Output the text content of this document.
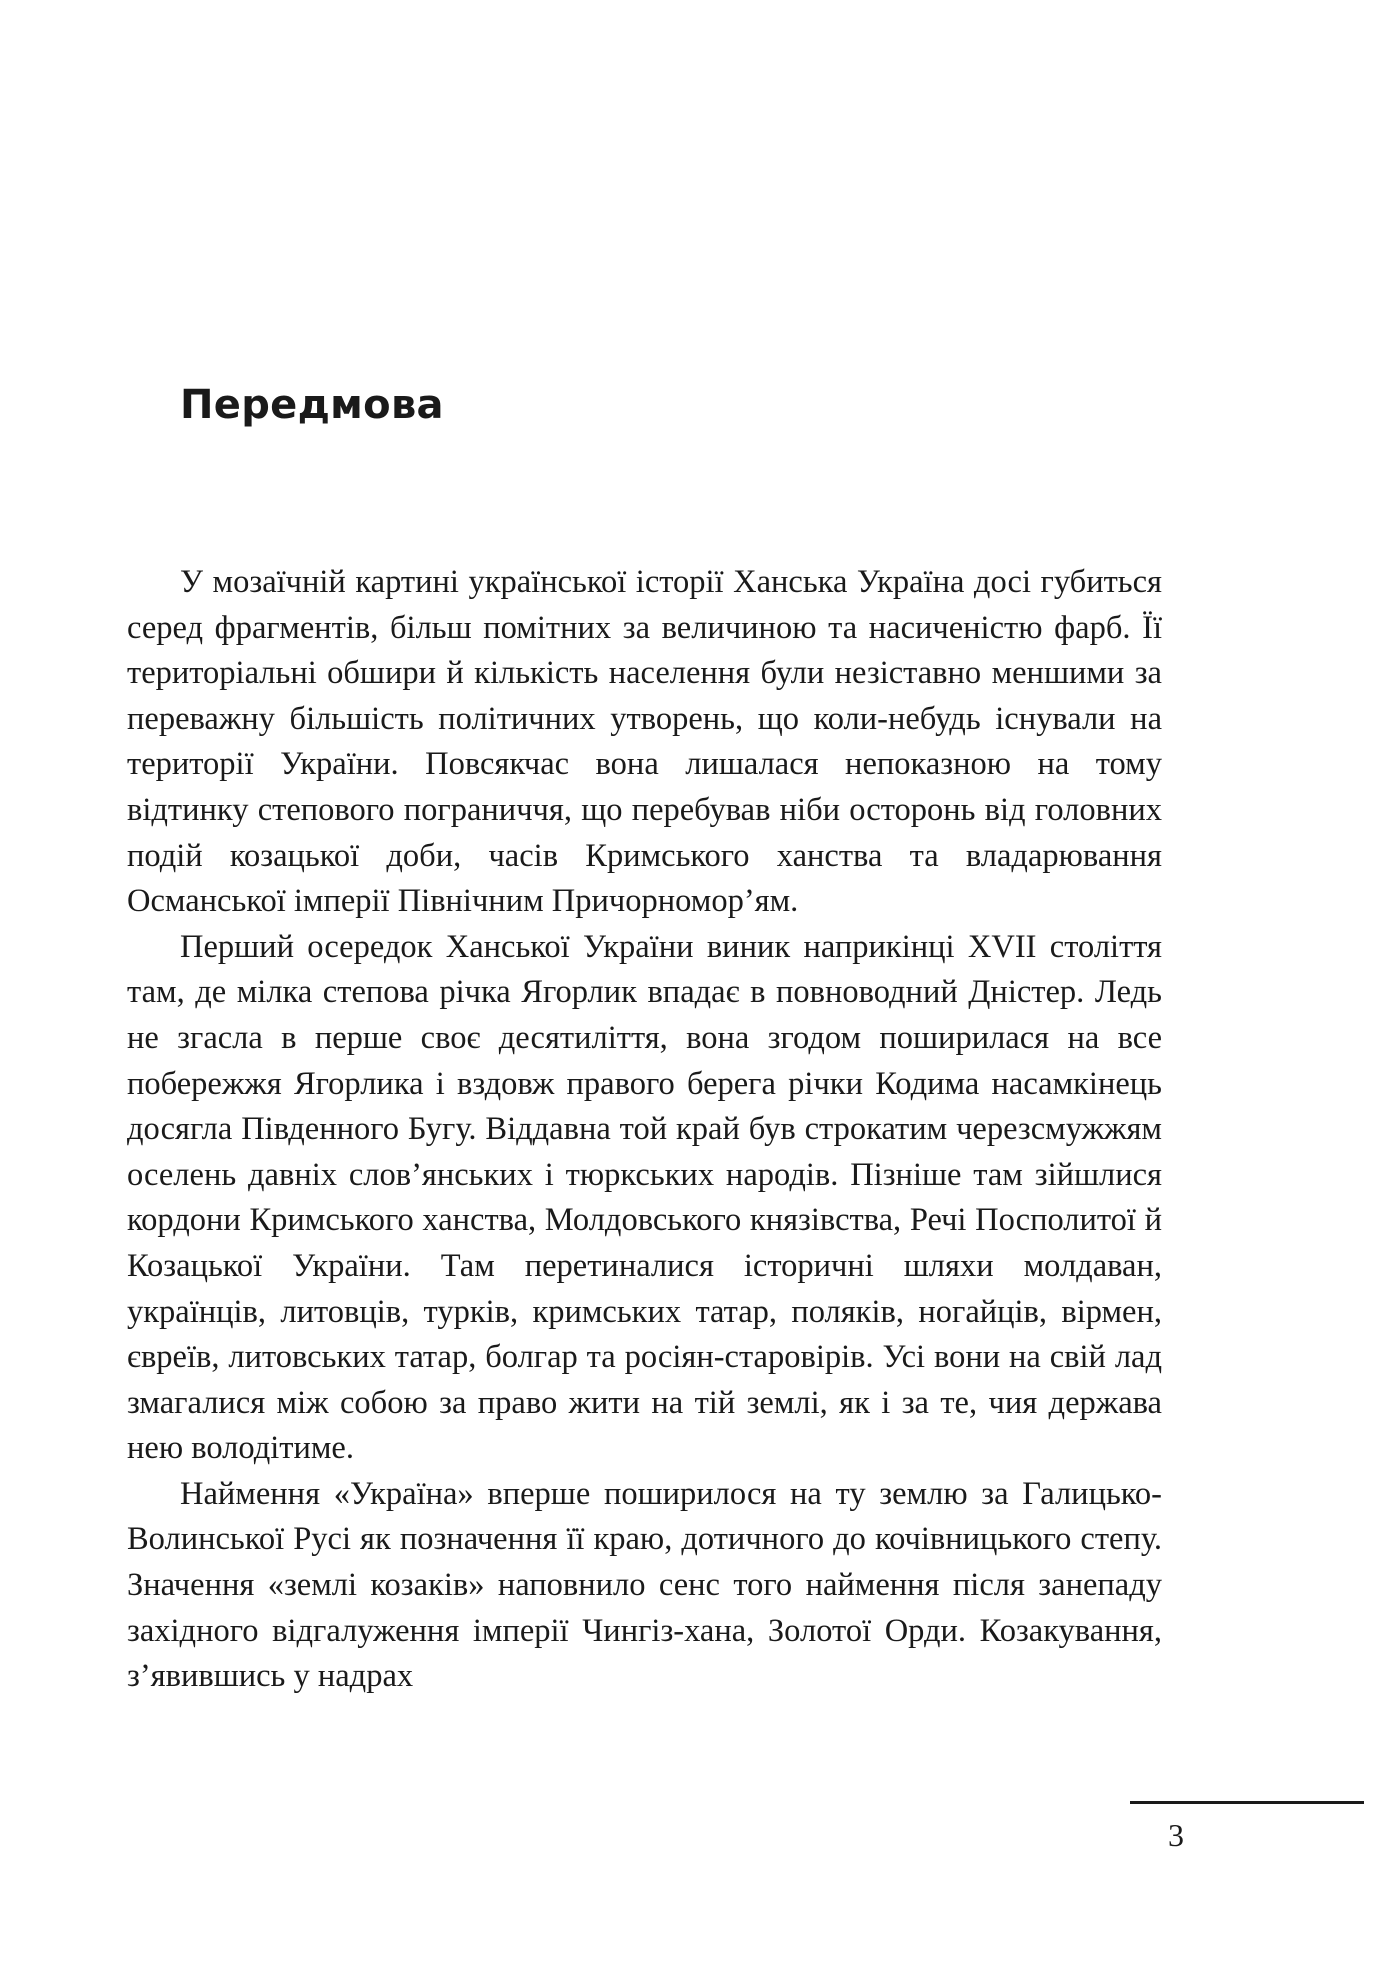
Передмова

У мозаїчній картині української історії Ханська Україна досі губиться серед фрагментів, більш помітних за величиною та насиченістю фарб. Її територіальні обшири й кількість населення були незіставно меншими за переважну більшість політичних утворень, що коли-небудь існували на території України. Повсякчас вона лишалася непоказною на тому відтинку степового пограниччя, що перебував ніби осторонь від головних подій козацької доби, часів Кримського ханства та владарювання Османської імперії Північним Причорномор’ям.

Перший осередок Ханської України виник наприкінці XVII століття там, де мілка степова річка Ягорлик впадає в повноводний Дністер. Ледь не згасла в перше своє десятиліття, вона згодом поширилася на все побережжя Ягорлика і вздовж правого берега річки Кодима насамкінець досягла Південного Бугу. Віддавна той край був строкатим черезсмужжям оселень давніх слов’янських і тюркських народів. Пізніше там зійшлися кордони Кримського ханства, Молдовського князівства, Речі Посполитої й Козацької України. Там перетиналися історичні шляхи молдаван, українців, литовців, турків, кримських татар, поляків, ногайців, вірмен, євреїв, литовських татар, болгар та росіян-старовірів. Усі вони на свій лад змагалися між собою за право жити на тій землі, як і за те, чия держава нею володітиме.

Наймення «Україна» вперше поширилося на ту землю за Галицько-Волинської Русі як позначення її краю, дотичного до кочівницького степу. Значення «землі козаків» наповнило сенс того наймення після занепаду західного відгалуження імперії Чингіз-хана, Золотої Орди. Козакування, з’явившись у надрах

3
